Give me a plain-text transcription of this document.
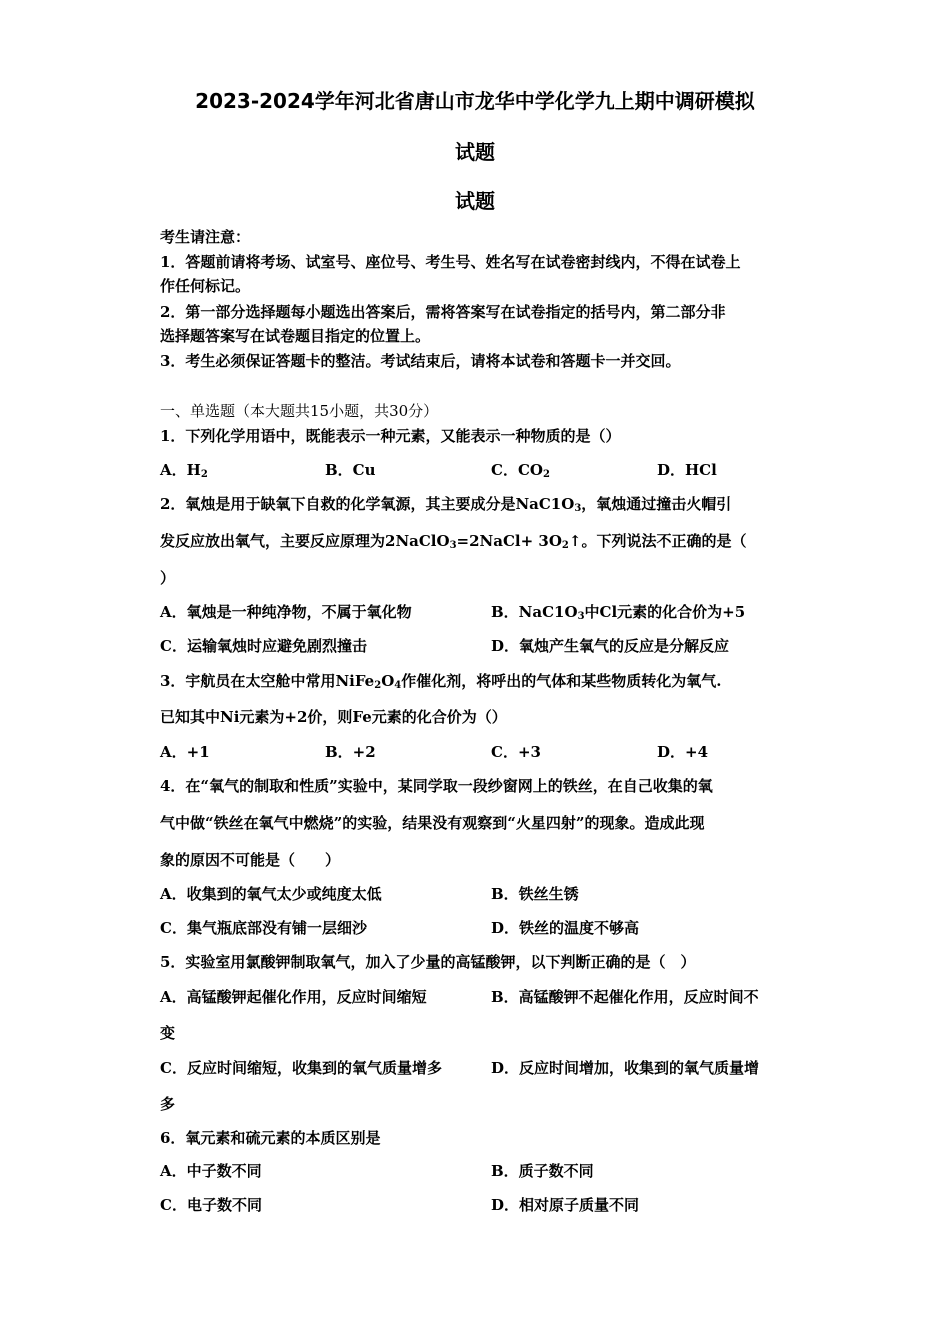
2023-2024学年河北省唐山市龙华中学化学九上期中调研模拟
试题
试题
考生请注意：
1．答题前请将考场、试室号、座位号、考生号、姓名写在试卷密封线内，不得在试卷上
作任何标记。
2．第一部分选择题每小题选出答案后，需将答案写在试卷指定的括号内，第二部分非
选择题答案写在试卷题目指定的位置上。
3．考生必须保证答题卡的整洁。考试结束后，请将本试卷和答题卡一并交回。
一、单选题（本大题共15小题，共30分）
1．下列化学用语中，既能表示一种元素，又能表示一种物质的是（）
A．$H_2$	B．Cu	C．$CO_2$	D．HCl
2．氧烛是用于缺氧下自救的化学氧源，其主要成分是$NaC1O_3$，氧烛通过撞击火帽引
发反应放出氧气，主要反应原理为2NaClO$_3$=2NaCl+ $3O_2↑$。下列说法不正确的是（
）
A．氧烛是一种纯净物，不属于氧化物	B．$NaC1O_3$中Cl元素的化合价为+5
C．运输氧烛时应避免剧烈撞击	D．氧烛产生氧气的反应是分解反应
3．宇航员在太空舱中常用$NiFe_2O_4$作催化剂，将呼出的气体和某些物质转化为氧气.
已知其中Ni元素为+2价，则Fe元素的化合价为（）
A．+1	B．+2	C．+3	D．+4
4．在“氧气的制取和性质”实验中，某同学取一段纱窗网上的铁丝，在自己收集的氧
气中做“铁丝在氧气中燃烧”的实验，结果没有观察到“火星四射”的现象。造成此现
象的原因不可能是（　　）
A．收集到的氧气太少或纯度太低	B．铁丝生锈
C．集气瓶底部没有铺一层细沙	D．铁丝的温度不够高
5．实验室用氯酸钾制取氧气，加入了少量的高锰酸钾，以下判断正确的是（　）
A．高锰酸钾起催化作用，反应时间缩短	B．高锰酸钾不起催化作用，反应时间不
变
C．反应时间缩短，收集到的氧气质量增多	D．反应时间增加，收集到的氧气质量增
多
6．氧元素和硫元素的本质区别是
A．中子数不同	B．质子数不同
C．电子数不同	D．相对原子质量不同
